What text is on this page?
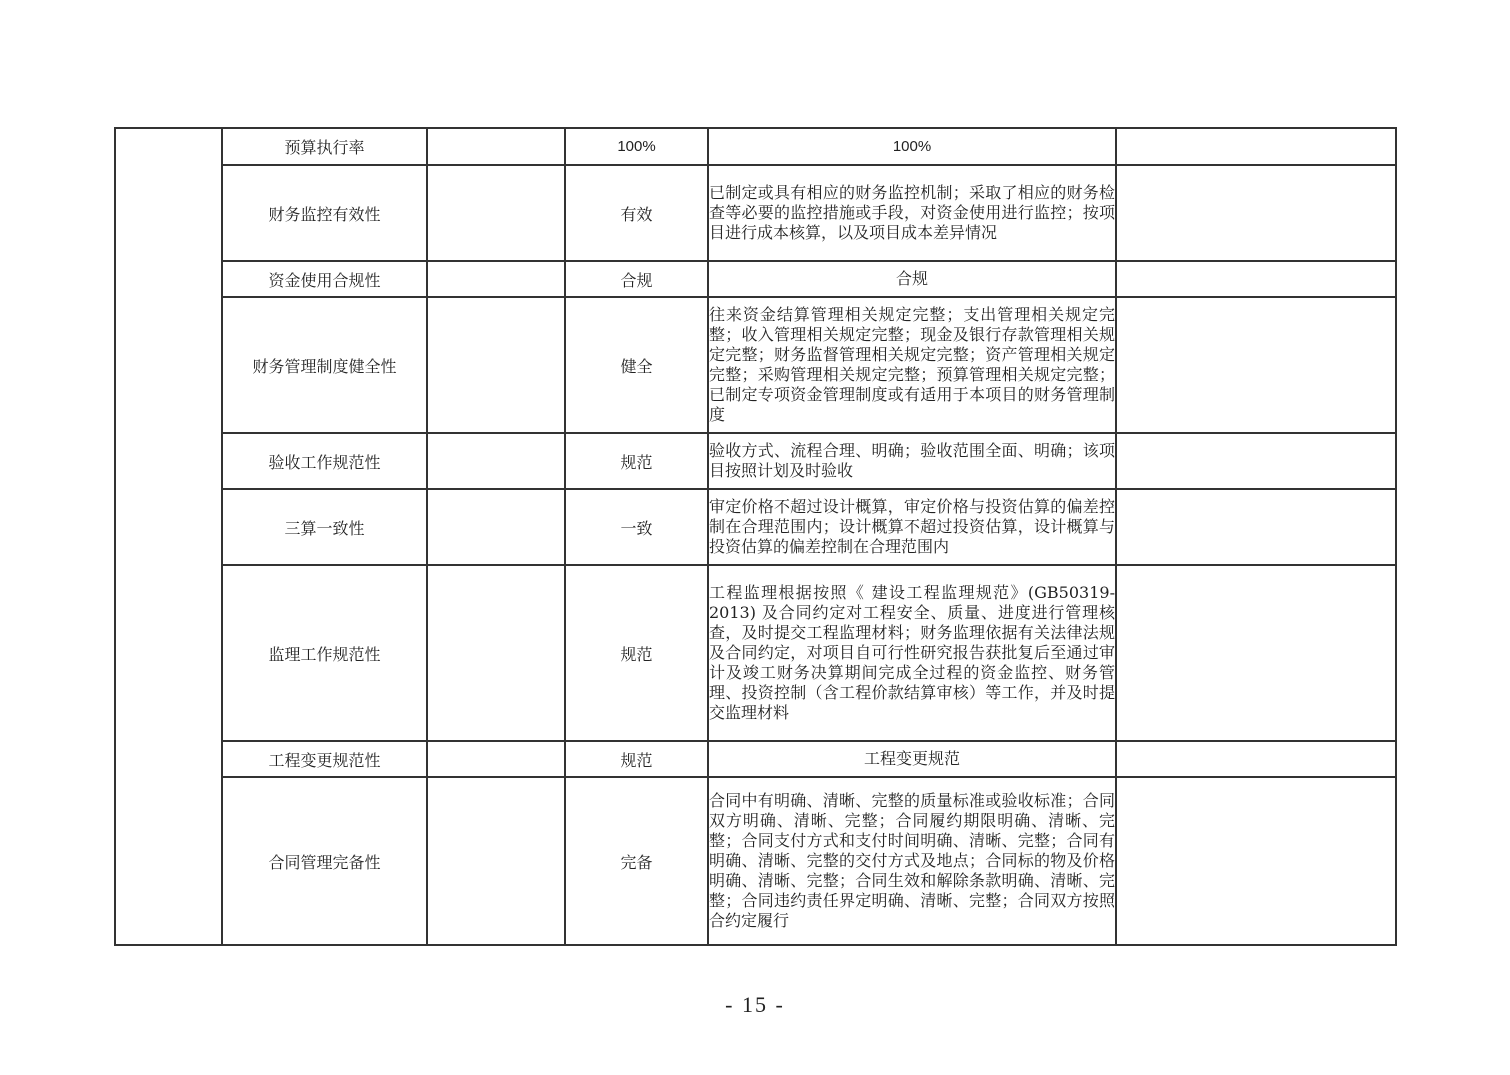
	预算执行率		100%	100%	
	财务监控有效性		有效	已制定或具有相应的财务监控机制；采取了相应的财务检查等必要的监控措施或手段，对资金使用进行监控；按项目进行成本核算，以及项目成本差异情况	
	资金使用合规性		合规	合规	
	财务管理制度健全性		健全	往来资金结算管理相关规定完整；支出管理相关规定完整；收入管理相关规定完整；现金及银行存款管理相关规定完整；财务监督管理相关规定完整；资产管理相关规定完整；采购管理相关规定完整；预算管理相关规定完整；已制定专项资金管理制度或有适用于本项目的财务管理制度	
	验收工作规范性		规范	验收方式、流程合理、明确；验收范围全面、明确；该项目按照计划及时验收	
	三算一致性		一致	审定价格不超过设计概算，审定价格与投资估算的偏差控制在合理范围内；设计概算不超过投资估算，设计概算与投资估算的偏差控制在合理范围内	
	监理工作规范性		规范	工程监理根据按照《 建设工程监理规范》(GB50319-2013) 及合同约定对工程安全、质量、进度进行管理核查，及时提交工程监理材料；财务监理依据有关法律法规及合同约定，对项目自可行性研究报告获批复后至通过审计及竣工财务决算期间完成全过程的资金监控、财务管理、投资控制（含工程价款结算审核）等工作，并及时提交监理材料	
	工程变更规范性		规范	工程变更规范	
	合同管理完备性		完备	合同中有明确、清晰、完整的质量标准或验收标准；合同双方明确、清晰、完整；合同履约期限明确、清晰、完整；合同支付方式和支付时间明确、清晰、完整；合同有明确、清晰、完整的交付方式及地点；合同标的物及价格明确、清晰、完整；合同生效和解除条款明确、清晰、完整；合同违约责任界定明确、清晰、完整；合同双方按照合约定履行	
- 15 -
